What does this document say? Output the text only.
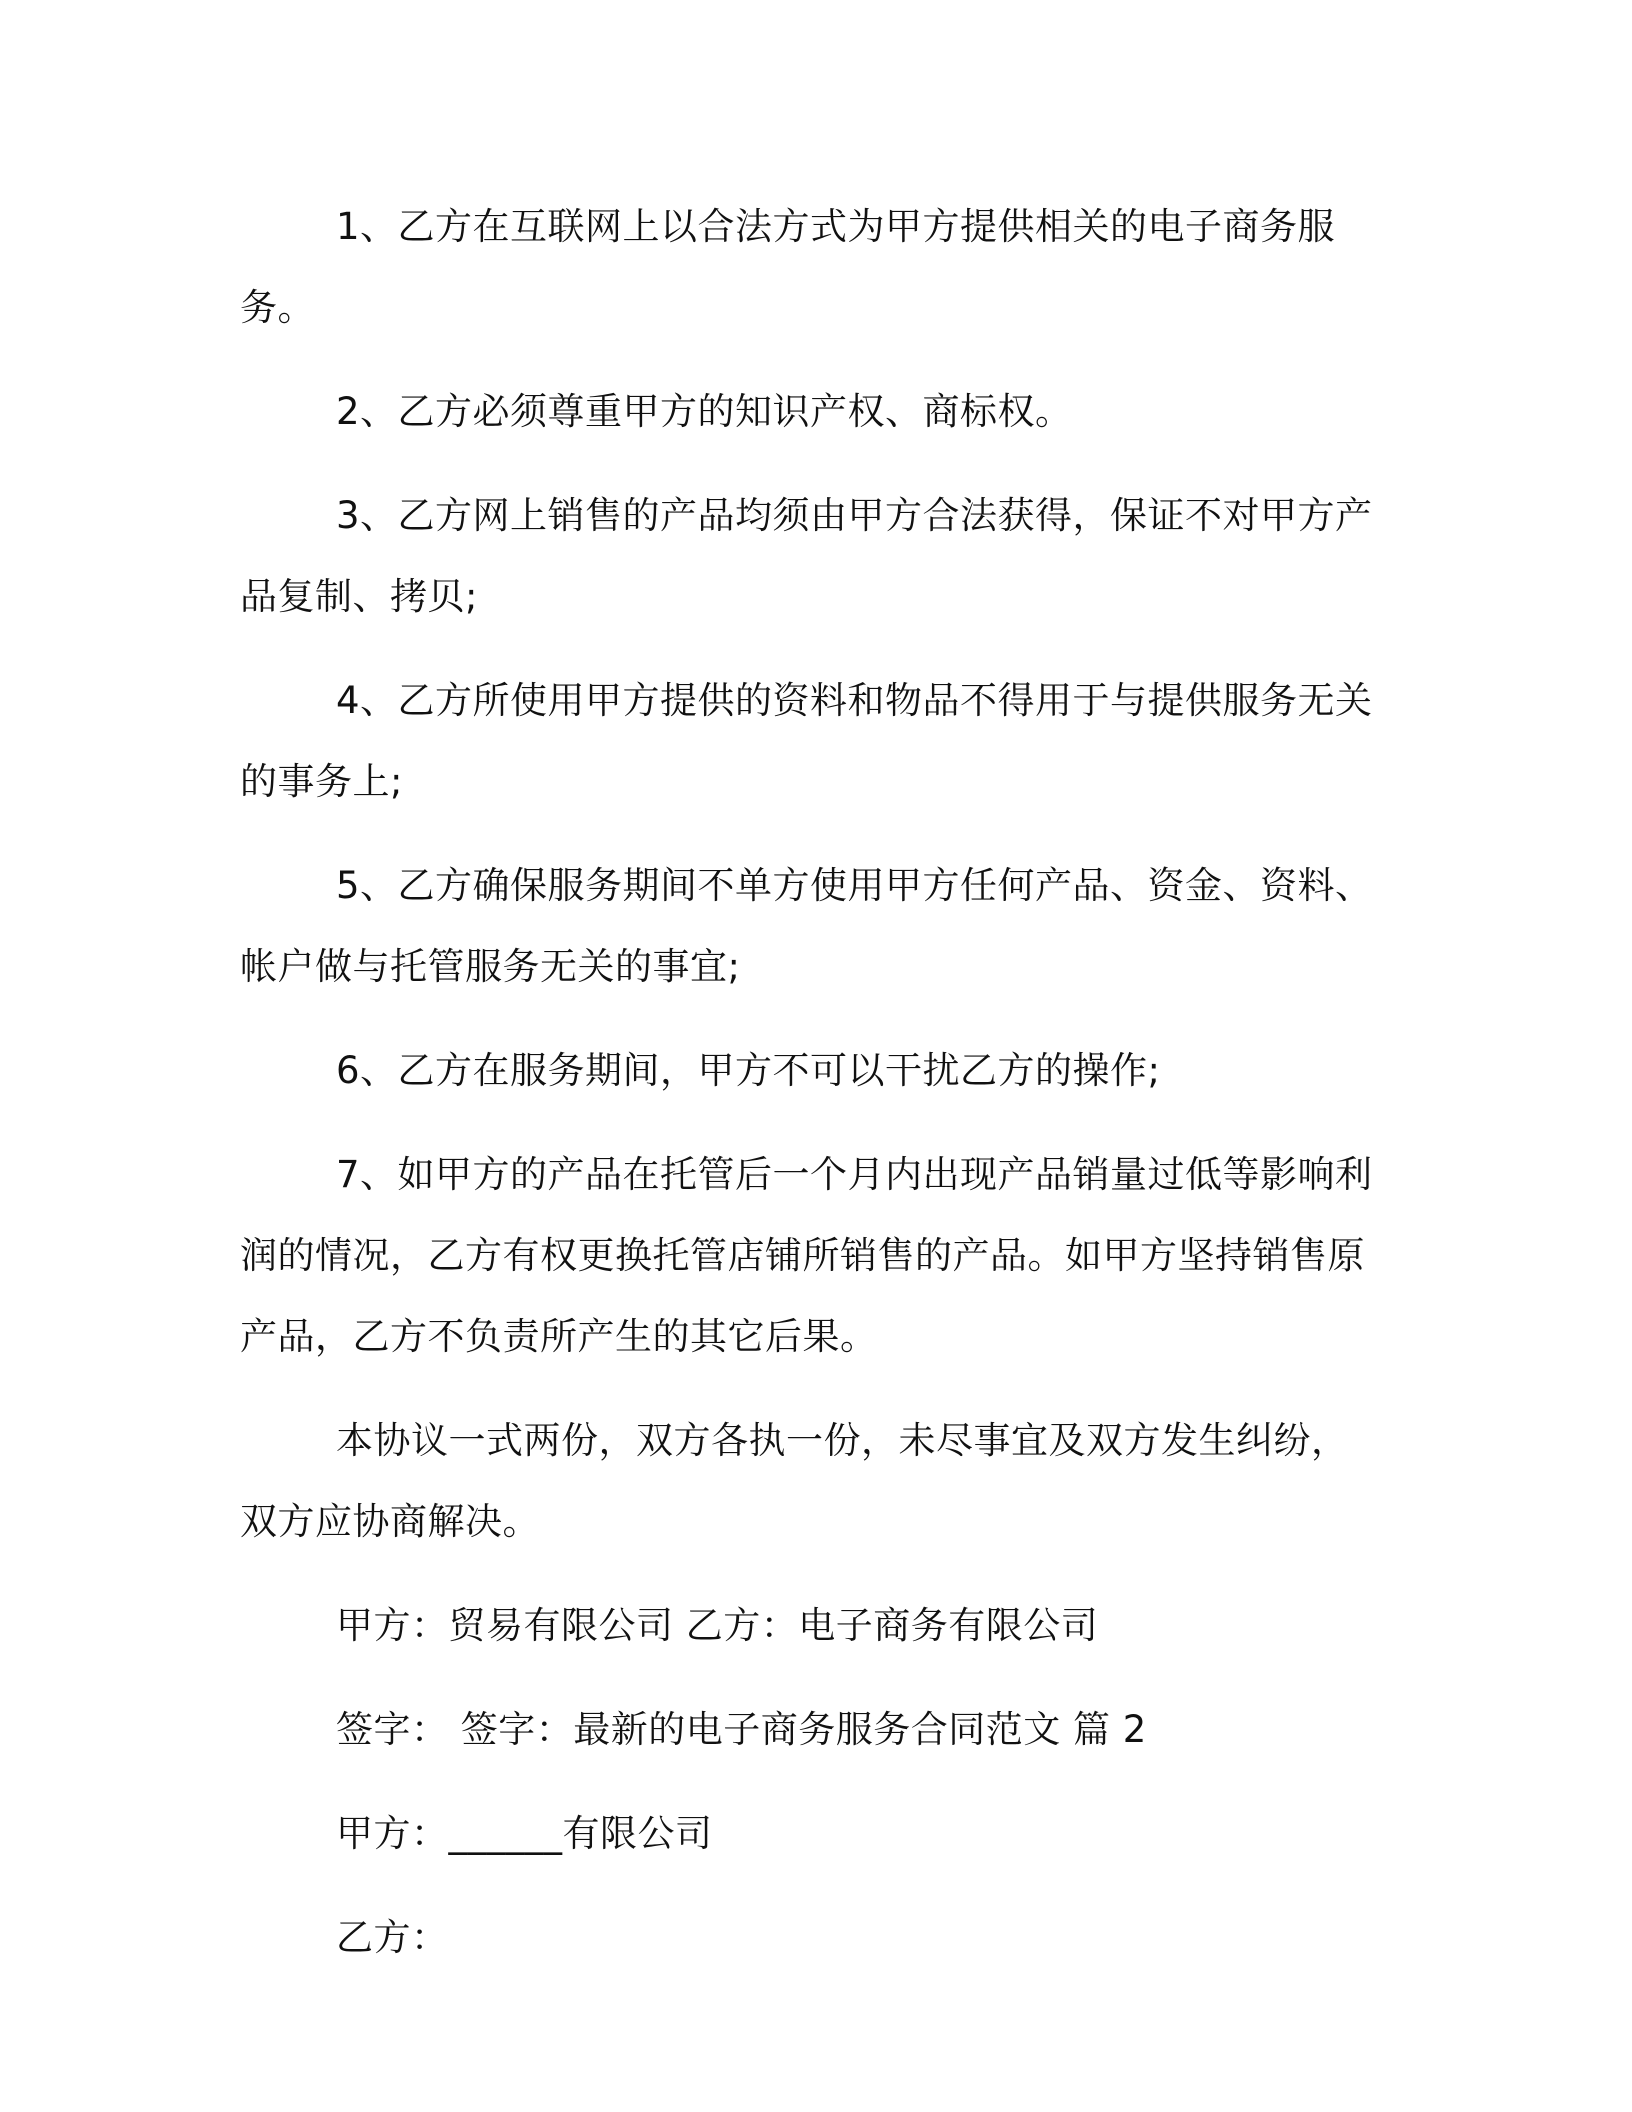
1、乙方在互联网上以合法方式为甲方提供相关的电子商务服务。

2、乙方必须尊重甲方的知识产权、商标权。

3、乙方网上销售的产品均须由甲方合法获得，保证不对甲方产品复制、拷贝;

4、乙方所使用甲方提供的资料和物品不得用于与提供服务无关的事务上;

5、乙方确保服务期间不单方使用甲方任何产品、资金、资料、帐户做与托管服务无关的事宜;

6、乙方在服务期间，甲方不可以干扰乙方的操作;

7、如甲方的产品在托管后一个月内出现产品销量过低等影响利润的情况，乙方有权更换托管店铺所销售的产品。如甲方坚持销售原产品，乙方不负责所产生的其它后果。

本协议一式两份，双方各执一份，未尽事宜及双方发生纠纷，双方应协商解决。

甲方：贸易有限公司 乙方：电子商务有限公司

签字： 签字：最新的电子商务服务合同范文 篇 2

甲方：______有限公司

乙方：
